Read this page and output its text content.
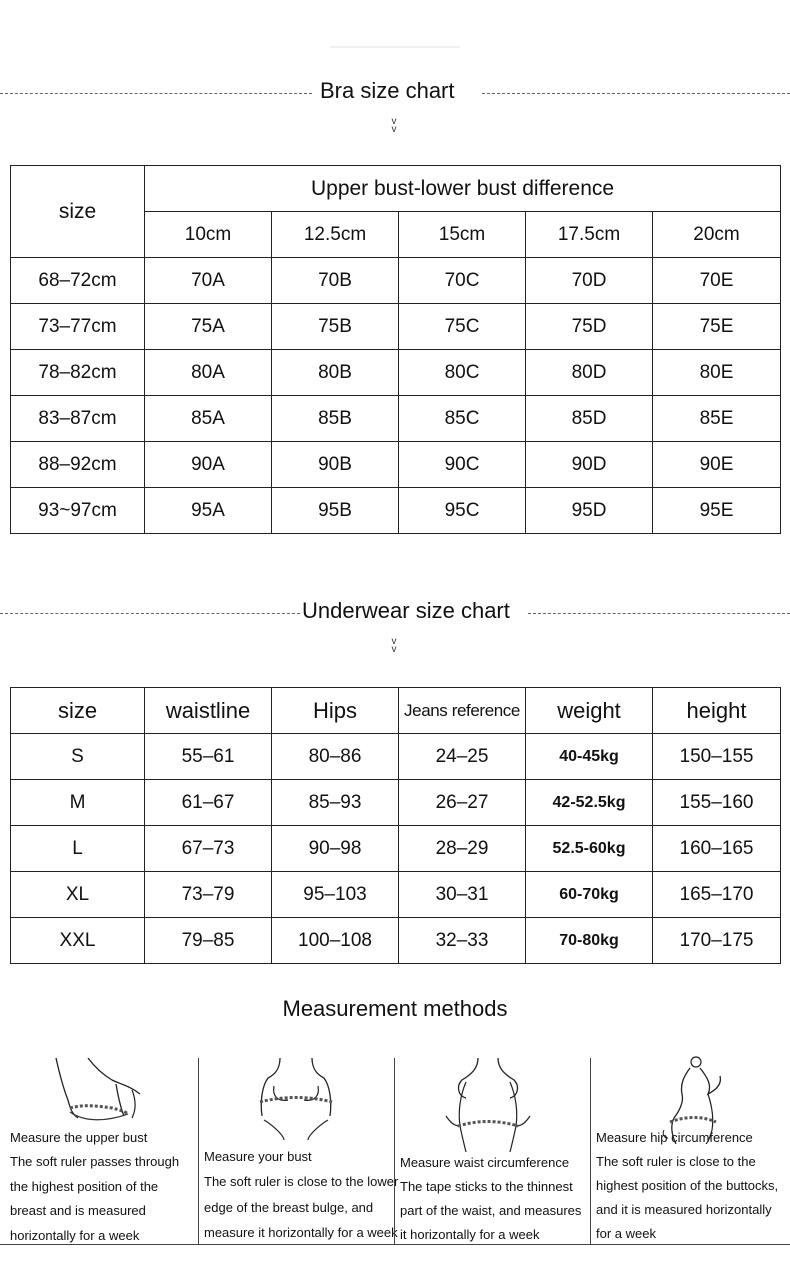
Bra size chart
v
v
size	Upper bust-lower bust difference				
	10cm	12.5cm	15cm	17.5cm	20cm
68–72cm	70A	70B	70C	70D	70E
73–77cm	75A	75B	75C	75D	75E
78–82cm	80A	80B	80C	80D	80E
83–87cm	85A	85B	85C	85D	85E
88–92cm	90A	90B	90C	90D	90E
93~97cm	95A	95B	95C	95D	95E
Underwear size chart
v
v
size	waistline	Hips	Jeans reference	weight	height
S	55–61	80–86	24–25	40-45kg	150–155
M	61–67	85–93	26–27	42-52.5kg	155–160
L	67–73	90–98	28–29	52.5-60kg	160–165
XL	73–79	95–103	30–31	60-70kg	165–170
XXL	79–85	100–108	32–33	70-80kg	170–175
Measurement methods
Measure the upper bust
The soft ruler passes through
the highest position of the
breast and is measured
horizontally for a week
Measure your bust
The soft ruler is close to the lower
edge of the breast bulge, and
measure it horizontally for a week
Measure waist circumference
The tape sticks to the thinnest
part of the waist, and measures
it horizontally for a week
Measure hip circumference
The soft ruler is close to the
highest position of the buttocks,
and it is measured horizontally
for a week
